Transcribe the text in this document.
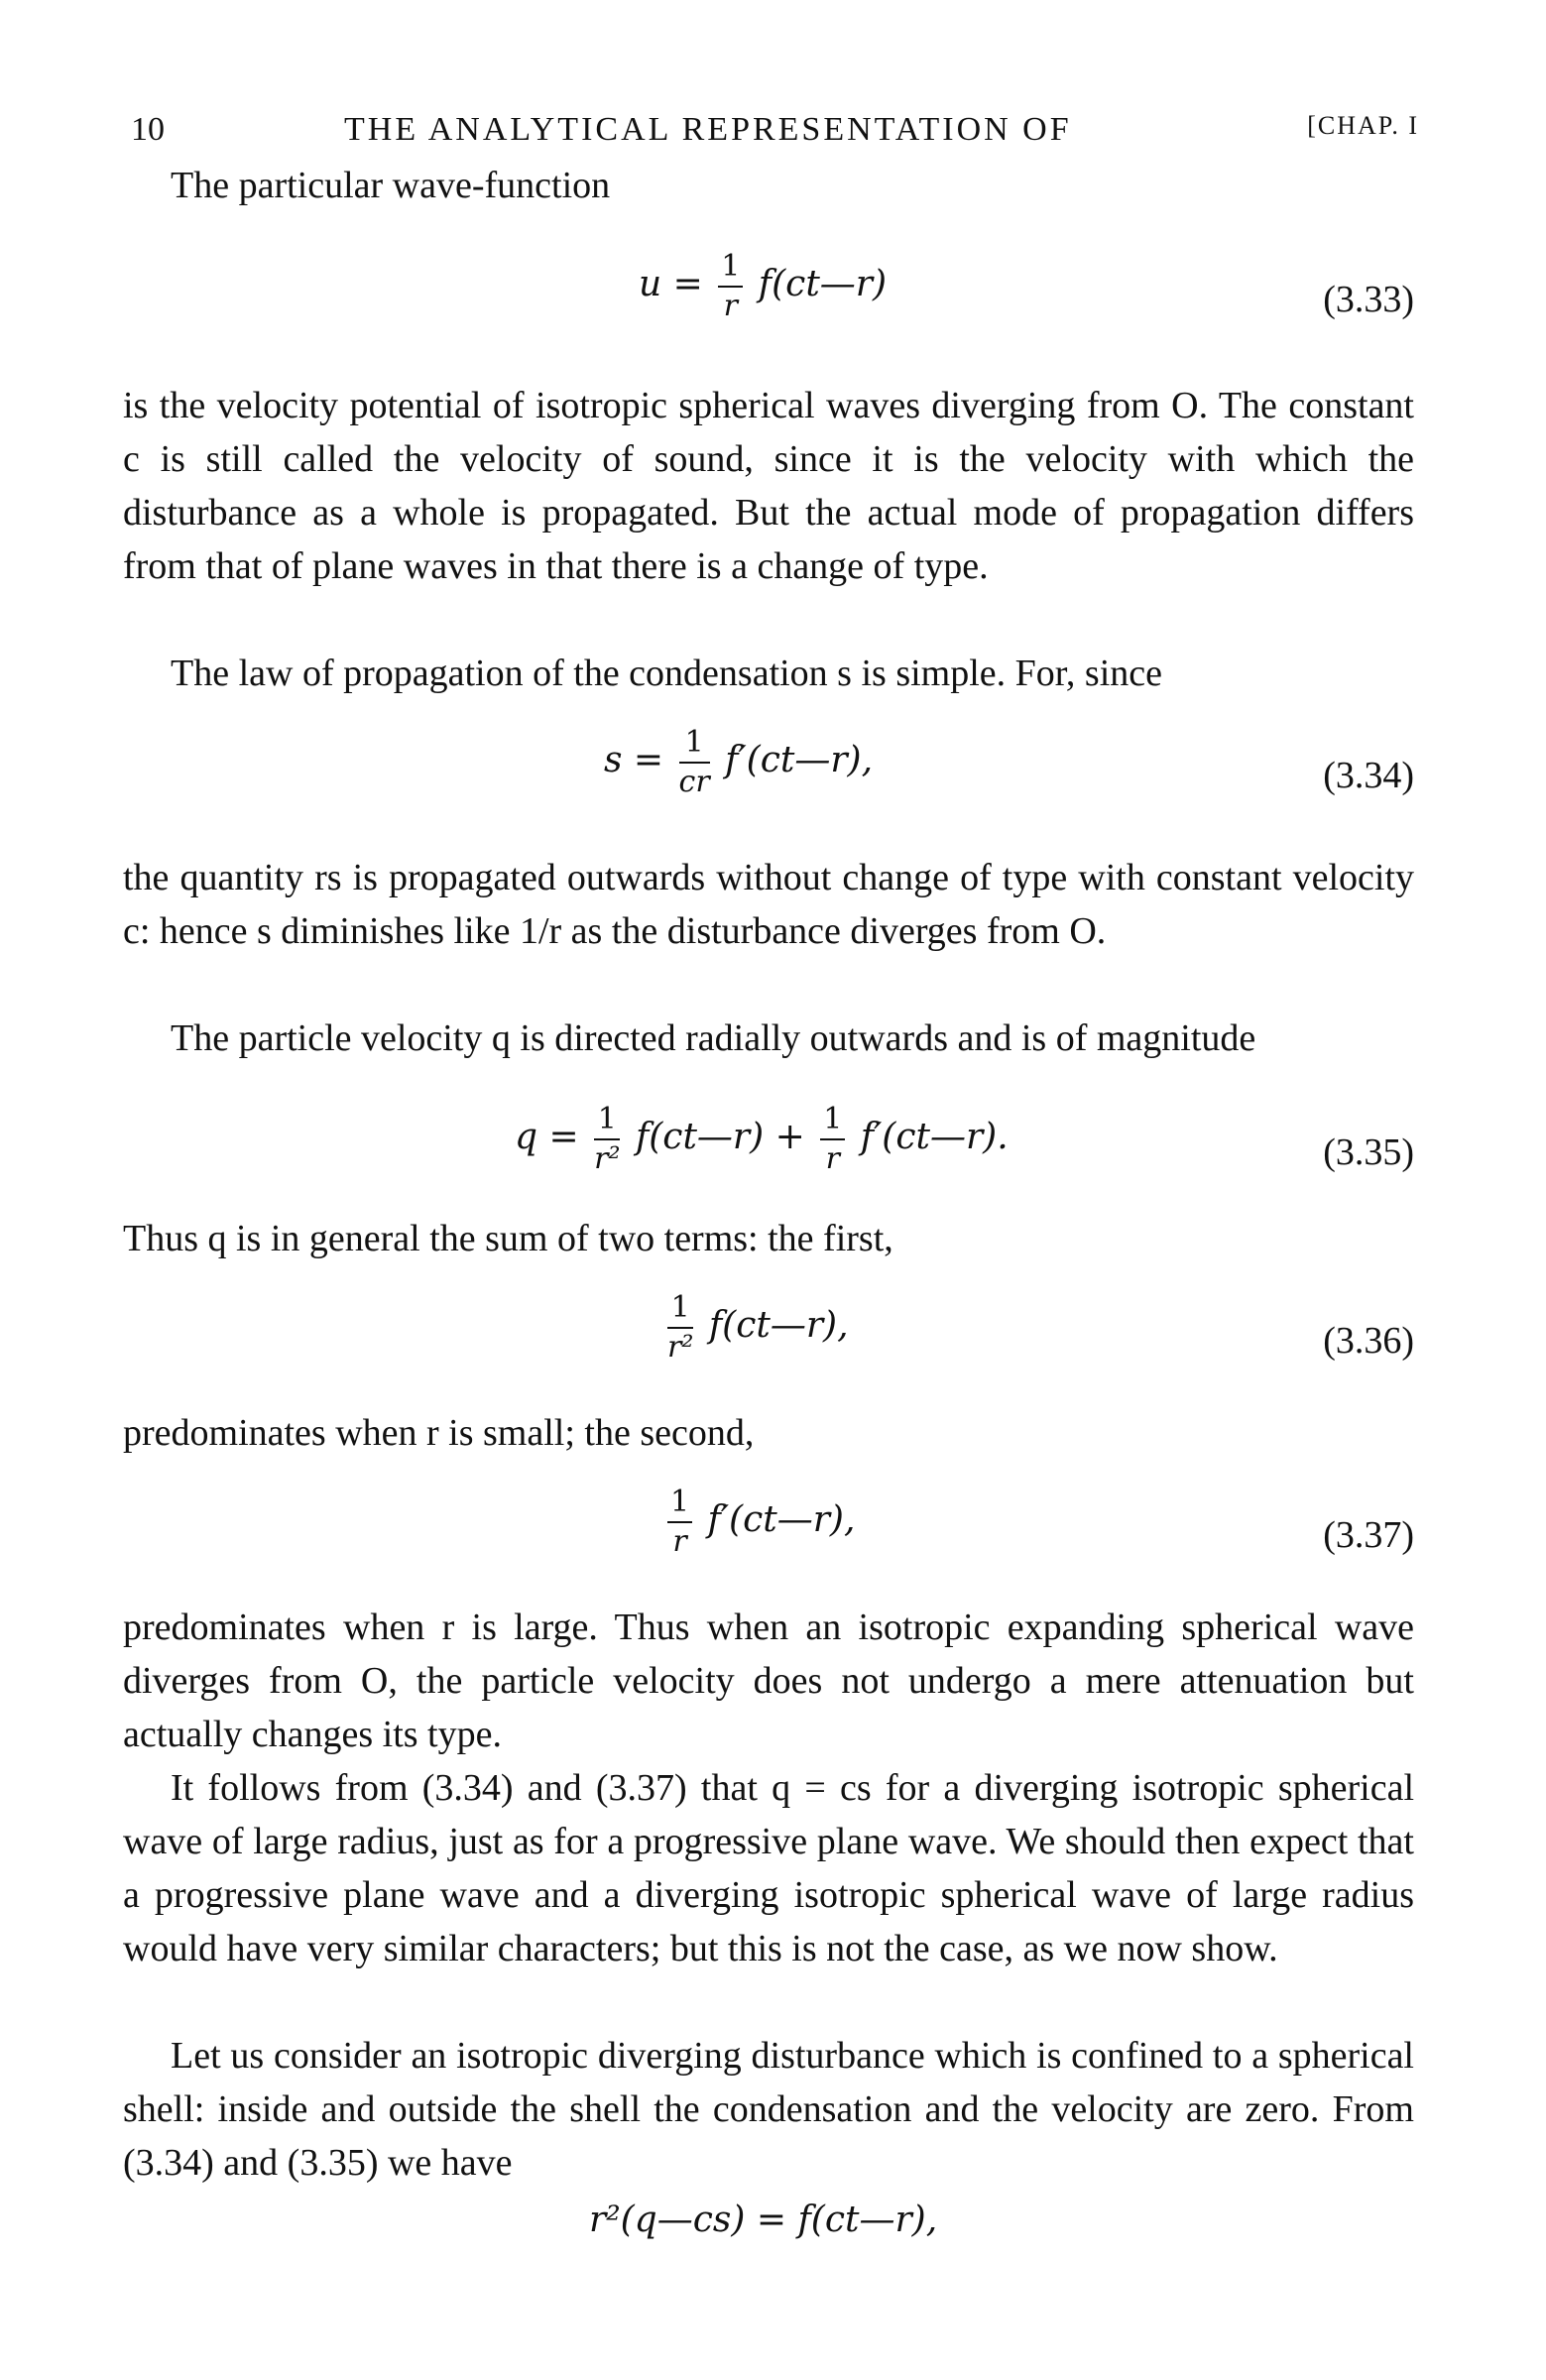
10	THE ANALYTICAL REPRESENTATION OF	[CHAP. I

The particular wave-function

$u = \frac{1}{r}$ f(ct—r)	(3.33)

is the velocity potential of isotropic spherical waves diverging from O. The constant c is still called the velocity of sound, since it is the velocity with which the disturbance as a whole is propagated. But the actual mode of propagation differs from that of plane waves in that there is a change of type.

The law of propagation of the condensation s is simple. For, since

$s = \frac{1}{cr}$ f′(ct—r),	(3.34)

the quantity rs is propagated outwards without change of type with constant velocity c: hence s diminishes like 1/r as the disturbance diverges from O.

The particle velocity q is directed radially outwards and is of magnitude

$q = \frac{1}{\text{r²}}$ f(ct—r) + $\frac{1}{r}$ f′(ct—r).	(3.35)

Thus q is in general the sum of two terms: the first,

$\frac{1}{\text{r²}}$ f(ct—r),	(3.36)

predominates when r is small; the second,

$\frac{1}{r}$ f′(ct—r),	(3.37)

predominates when r is large. Thus when an isotropic expanding spherical wave diverges from O, the particle velocity does not undergo a mere attenuation but actually changes its type.

It follows from (3.34) and (3.37) that q = cs for a diverging isotropic spherical wave of large radius, just as for a progressive plane wave. We should then expect that a progressive plane wave and a diverging isotropic spherical wave of large radius would have very similar characters; but this is not the case, as we now show.

Let us consider an isotropic diverging disturbance which is confined to a spherical shell: inside and outside the shell the condensation and the velocity are zero. From (3.34) and (3.35) we have

r²(q—cs) = f(ct—r),
